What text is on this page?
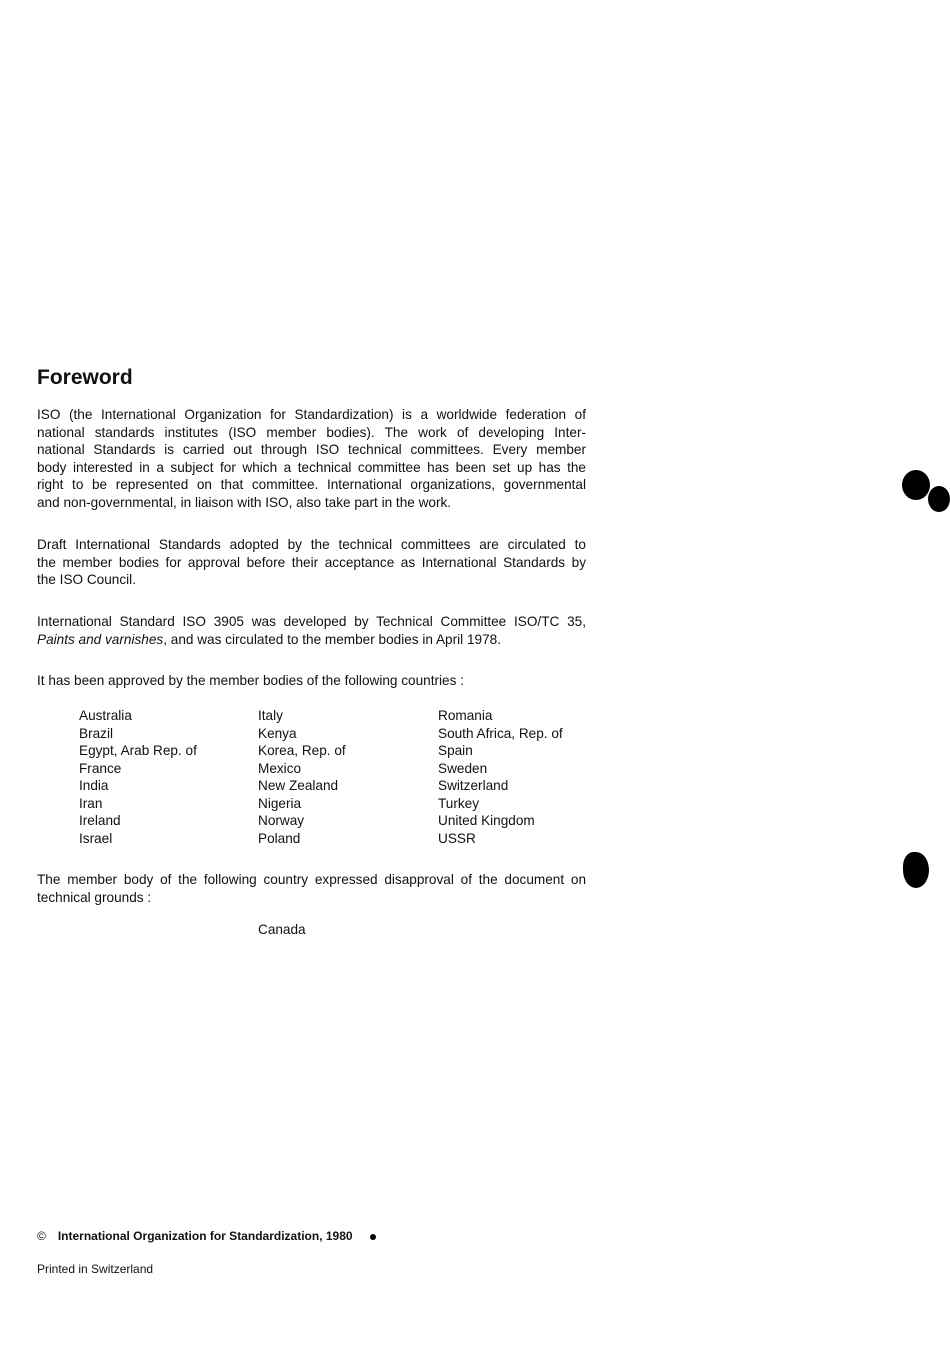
Foreword
ISO (the International Organization for Standardization) is a worldwide federation of
national standards institutes (ISO member bodies). The work of developing Inter-
national Standards is carried out through ISO technical committees. Every member
body interested in a subject for which a technical committee has been set up has the
right to be represented on that committee. International organizations, governmental
and non-governmental, in liaison with ISO, also take part in the work.
Draft International Standards adopted by the technical committees are circulated to
the member bodies for approval before their acceptance as International Standards by
the ISO Council.
International Standard ISO 3905 was developed by Technical Committee ISO/TC 35,
Paints and varnishes, and was circulated to the member bodies in April 1978.
It has been approved by the member bodies of the following countries :
Australia
Brazil
Egypt, Arab Rep. of
France
India
Iran
Ireland
Israel
Italy
Kenya
Korea, Rep. of
Mexico
New Zealand
Nigeria
Norway
Poland
Romania
South Africa, Rep. of
Spain
Sweden
Switzerland
Turkey
United Kingdom
USSR
The member body of the following country expressed disapproval of the document on
technical grounds :
Canada
© International Organization for Standardization, 1980
Printed in Switzerland
